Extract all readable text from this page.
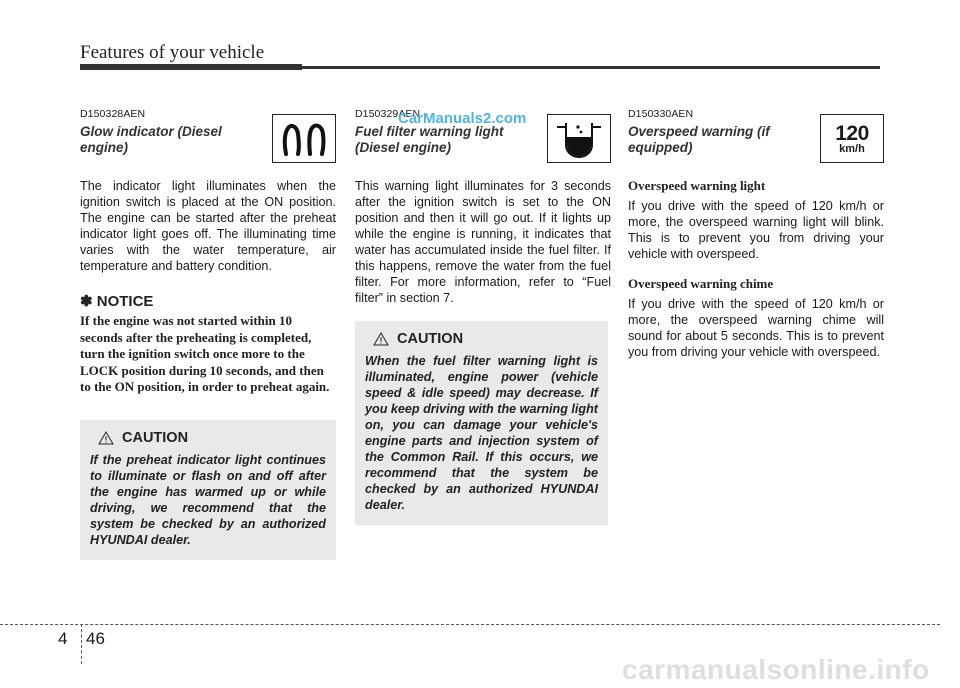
Features of your vehicle
D150328AEN
Glow indicator (Diesel engine)
The indicator light illuminates when the ignition switch is placed at the ON position. The engine can be started after the preheat indicator light goes off. The illuminating time varies with the water temperature, air temperature and battery condition.
✽ NOTICE
If the engine was not started within 10 seconds after the preheating is completed, turn the ignition switch once more to the LOCK position during 10 seconds, and then to the ON position, in order to preheat again.
CAUTION
If the preheat indicator light continues to illuminate or flash on and off after the engine has warmed up or while driving, we recommend that the system be checked by an authorized HYUNDAI dealer.
D150329AEN
Fuel filter warning light (Diesel engine)
This warning light illuminates for 3 seconds after the ignition switch is set to the ON position and then it will go out. If it lights up while the engine is running, it indicates that water has accumulated inside the fuel filter. If this happens, remove the water from the fuel filter. For more information, refer to “Fuel filter” in section 7.
CAUTION
When the fuel filter warning light is illuminated, engine power (vehicle speed & idle speed) may decrease. If you keep driving with the warning light on, you can damage your vehicle's engine parts and injection system of the Common Rail. If this occurs, we recommend that the system be checked by an authorized HYUNDAI dealer.
D150330AEN
Overspeed warning (if equipped)
120
km/h
Overspeed warning light
If you drive with the speed of 120 km/h or more, the overspeed warning light will blink. This is to prevent you from driving your vehicle with overspeed.
Overspeed warning chime
If you drive with the speed of 120 km/h or more, the overspeed warning chime will sound for about 5 seconds. This is to prevent you from driving your vehicle with overspeed.
CarManuals2.com
4 46
carmanualsonline.info
